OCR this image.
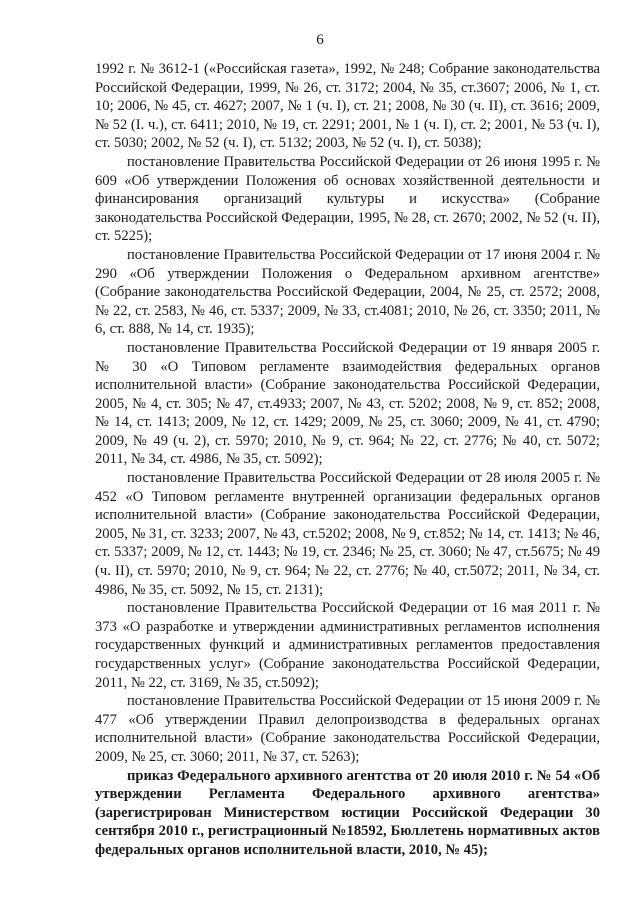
6

1992 г. № 3612-1 («Российская газета», 1992, № 248; Собрание законодательства Российской Федерации, 1999, № 26, ст. 3172; 2004, № 35, ст.3607; 2006, № 1, ст. 10; 2006, № 45, ст. 4627; 2007, № 1 (ч. I), ст. 21; 2008, № 30 (ч. II), ст. 3616; 2009, № 52 (I. ч.), ст. 6411; 2010, № 19, ст. 2291; 2001, № 1 (ч. I), ст. 2; 2001, № 53 (ч. I), ст. 5030; 2002, № 52 (ч. I), ст. 5132; 2003, № 52 (ч. I), ст. 5038);

постановление Правительства Российской Федерации от 26 июня 1995 г. № 609 «Об утверждении Положения об основах хозяйственной деятельности и финансирования организаций культуры и искусства» (Собрание законодательства Российской Федерации, 1995, № 28, ст. 2670; 2002, № 52 (ч. II), ст. 5225);

постановление Правительства Российской Федерации от 17 июня 2004 г. № 290 «Об утверждении Положения о Федеральном архивном агентстве» (Собрание законодательства Российской Федерации, 2004, № 25, ст. 2572; 2008, № 22, ст. 2583, № 46, ст. 5337; 2009, № 33, ст.4081; 2010, № 26, ст. 3350; 2011, № 6, ст. 888, № 14, ст. 1935);

постановление Правительства Российской Федерации от 19 января 2005 г. № 30 «О Типовом регламенте взаимодействия федеральных органов исполнительной власти» (Собрание законодательства Российской Федерации, 2005, № 4, ст. 305; № 47, ст.4933; 2007, № 43, ст. 5202; 2008, № 9, ст. 852; 2008, № 14, ст. 1413; 2009, № 12, ст. 1429; 2009, № 25, ст. 3060; 2009, № 41, ст. 4790; 2009, № 49 (ч. 2), ст. 5970; 2010, № 9, ст. 964; № 22, ст. 2776; № 40, ст. 5072; 2011, № 34, ст. 4986, № 35, ст. 5092);

постановление Правительства Российской Федерации от 28 июля 2005 г. № 452 «О Типовом регламенте внутренней организации федеральных органов исполнительной власти» (Собрание законодательства Российской Федерации, 2005, № 31, ст. 3233; 2007, № 43, ст.5202; 2008, № 9, ст.852; № 14, ст. 1413; № 46, ст. 5337; 2009, № 12, ст. 1443; № 19, ст. 2346; № 25, ст. 3060; № 47, ст.5675; № 49 (ч. II), ст. 5970; 2010, № 9, ст. 964; № 22, ст. 2776; № 40, ст.5072; 2011, № 34, ст. 4986, № 35, ст. 5092, № 15, ст. 2131);

постановление Правительства Российской Федерации от 16 мая 2011 г. № 373 «О разработке и утверждении административных регламентов исполнения государственных функций и административных регламентов предоставления государственных услуг» (Собрание законодательства Российской Федерации, 2011, № 22, ст. 3169, № 35, ст.5092);

постановление Правительства Российской Федерации от 15 июня 2009 г. № 477 «Об утверждении Правил делопроизводства в федеральных органах исполнительной власти» (Собрание законодательства Российской Федерации, 2009, № 25, ст. 3060; 2011, № 37, ст. 5263);

приказ Федерального архивного агентства от 20 июля 2010 г. № 54 «Об утверждении Регламента Федерального архивного агентства» (зарегистрирован Министерством юстиции Российской Федерации 30 сентября 2010 г., регистрационный №18592, Бюллетень нормативных актов федеральных органов исполнительной власти, 2010, № 45);
